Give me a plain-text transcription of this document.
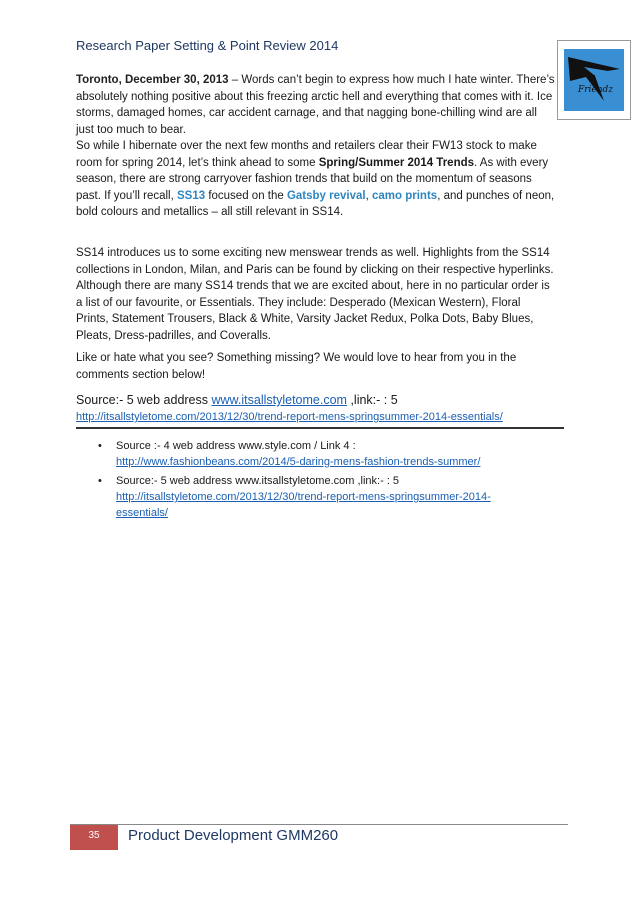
Research Paper Setting & Point Review 2014
Friendz

Toronto, December 30, 2013 – Words can’t begin to express how much I hate winter. There’s absolutely nothing positive about this freezing arctic hell and everything that comes with it. Ice storms, damaged homes, car accident carnage, and that nagging bone-chilling wind are all just too much to bear.
So while I hibernate over the next few months and retailers clear their FW13 stock to make room for spring 2014, let’s think ahead to some Spring/Summer 2014 Trends. As with every season, there are strong carryover fashion trends that build on the momentum of seasons past. If you’ll recall, SS13 focused on the Gatsby revival, camo prints, and punches of neon, bold colours and metallics – all still relevant in SS14.

SS14 introduces us to some exciting new menswear trends as well. Highlights from the SS14 collections in London, Milan, and Paris can be found by clicking on their respective hyperlinks. Although there are many SS14 trends that we are excited about, here in no particular order is a list of our favourite, or Essentials. They include: Desperado (Mexican Western), Floral Prints, Statement Trousers, Black & White, Varsity Jacket Redux, Polka Dots, Baby Blues, Pleats, Dress-padrilles, and Coveralls.

Like or hate what you see? Something missing? We would love to hear from you in the comments section below!

Source:- 5 web address www.itsallstyletome.com ,link:- : 5
http://itsallstyletome.com/2013/12/30/trend-report-mens-springsummer-2014-essentials/
• Source :- 4 web address www.style.com / Link 4 :
http://www.fashionbeans.com/2014/5-daring-mens-fashion-trends-summer/
• Source:- 5 web address www.itsallstyletome.com ,link:- : 5
http://itsallstyletome.com/2013/12/30/trend-report-mens-springsummer-2014-essentials/
35	Product Development GMM260
